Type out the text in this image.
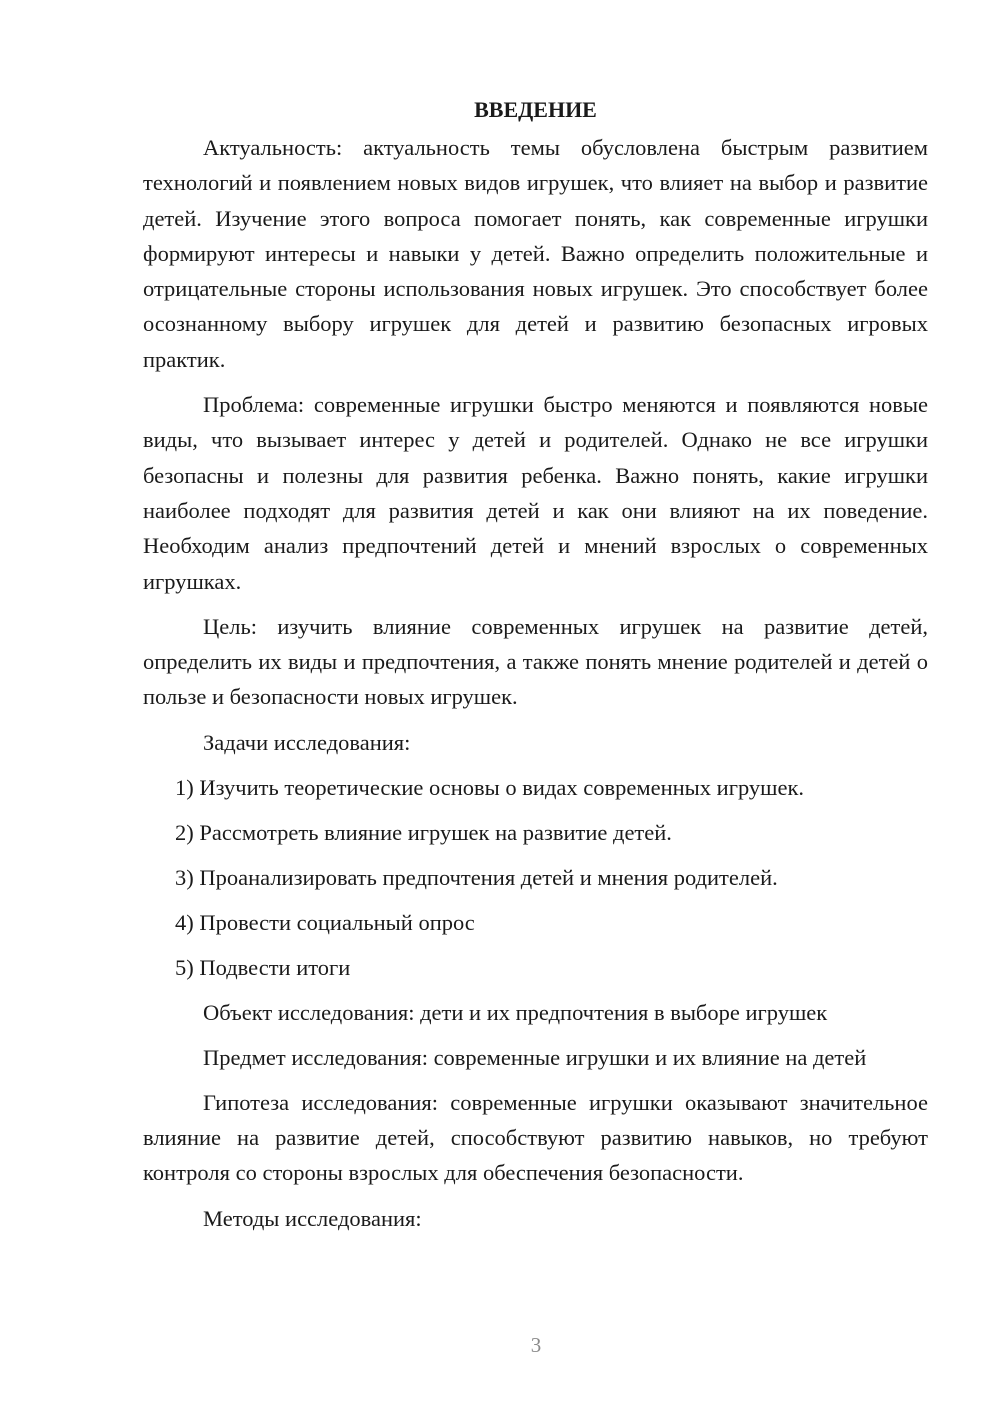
ВВЕДЕНИЕ

Актуальность: актуальность темы обусловлена быстрым развитием технологий и появлением новых видов игрушек, что влияет на выбор и развитие детей. Изучение этого вопроса помогает понять, как современные игрушки формируют интересы и навыки у детей. Важно определить положительные и отрицательные стороны использования новых игрушек. Это способствует более осознанному выбору игрушек для детей и развитию безопасных игровых практик.

Проблема: современные игрушки быстро меняются и появляются новые виды, что вызывает интерес у детей и родителей. Однако не все игрушки безопасны и полезны для развития ребенка. Важно понять, какие игрушки наиболее подходят для развития детей и как они влияют на их поведение. Необходим анализ предпочтений детей и мнений взрослых о современных игрушках.

Цель: изучить влияние современных игрушек на развитие детей, определить их виды и предпочтения, а также понять мнение родителей и детей о пользе и безопасности новых игрушек.

Задачи исследования:
1) Изучить теоретические основы о видах современных игрушек.
2) Рассмотреть влияние игрушек на развитие детей.
3) Проанализировать предпочтения детей и мнения родителей.
4) Провести социальный опрос
5) Подвести итоги
Объект исследования: дети и их предпочтения в выборе игрушек
Предмет исследования: современные игрушки и их влияние на детей

Гипотеза исследования: современные игрушки оказывают значительное влияние на развитие детей, способствуют развитию навыков, но требуют контроля со стороны взрослых для обеспечения безопасности.

Методы исследования:
3
